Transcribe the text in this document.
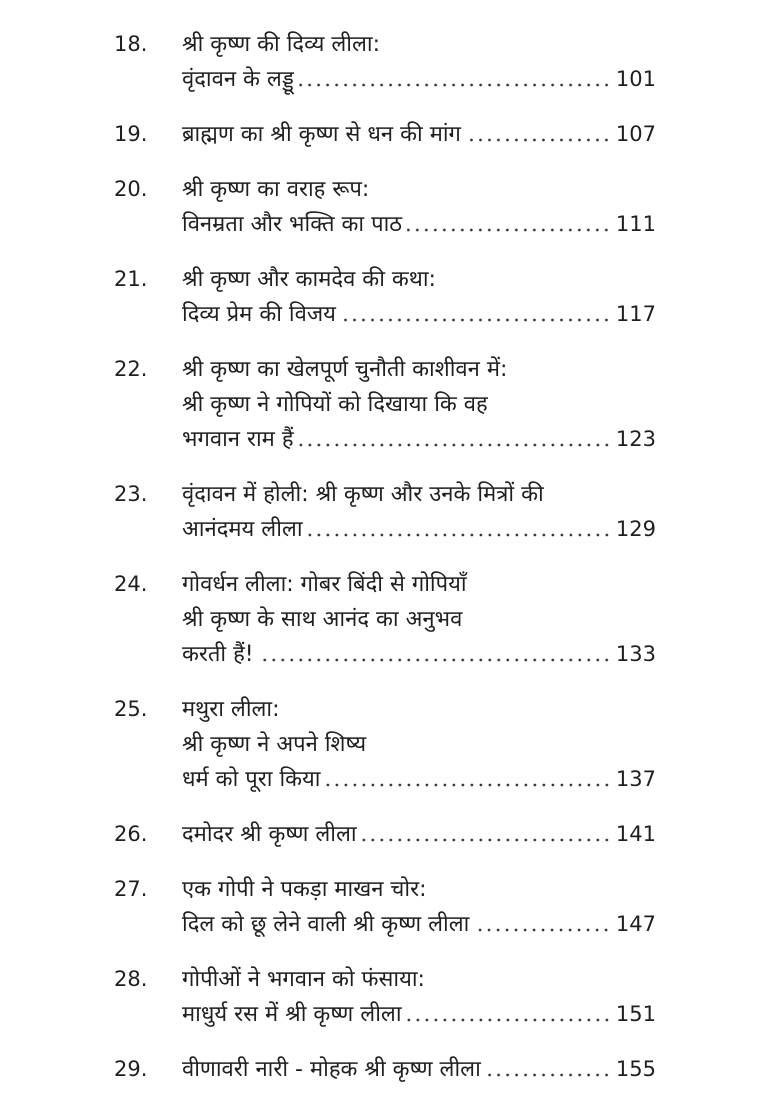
18.	श्री कृष्ण की दिव्य लीला:
वृंदावन के लड्डू	101
19.	ब्राह्मण का श्री कृष्ण से धन की मांग	107
20.	श्री कृष्ण का वराह रूप:
विनम्रता और भक्ति का पाठ	111
21.	श्री कृष्ण और कामदेव की कथा:
दिव्य प्रेम की विजय	117
22.	श्री कृष्ण का खेलपूर्ण चुनौती काशीवन में:
श्री कृष्ण ने गोपियों को दिखाया कि वह
भगवान राम हैं	123
23.	वृंदावन में होली: श्री कृष्ण और उनके मित्रों की
आनंदमय लीला	129
24.	गोवर्धन लीला: गोबर बिंदी से गोपियाँ
श्री कृष्ण के साथ आनंद का अनुभव
करती हैं!	133
25.	मथुरा लीला:
श्री कृष्ण ने अपने शिष्य
धर्म को पूरा किया	137
26.	दमोदर श्री कृष्ण लीला	141
27.	एक गोपी ने पकड़ा माखन चोर:
दिल को छू लेने वाली श्री कृष्ण लीला	147
28.	गोपीओं ने भगवान को फंसाया:
माधुर्य रस में श्री कृष्ण लीला	151
29.	वीणावरी नारी - मोहक श्री कृष्ण लीला	155
